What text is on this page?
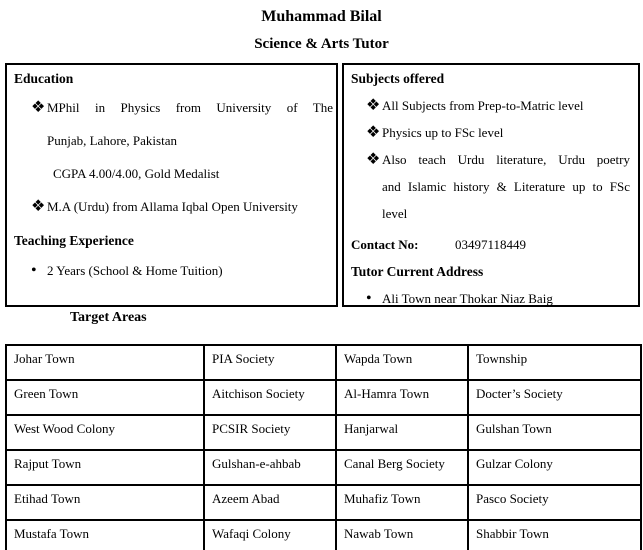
Muhammad Bilal
Science & Arts Tutor
Education
❖ MPhil in Physics from University of The
Punjab, Lahore, Pakistan
CGPA 4.00/4.00, Gold Medalist
❖ M.A (Urdu) from Allama Iqbal Open University
Teaching Experience
• 2 Years (School & Home Tuition)
Subjects offered
❖ All Subjects from Prep-to-Matric level
❖ Physics up to FSc level
❖ Also teach Urdu literature, Urdu poetry
and Islamic history & Literature up to FSc
level
Contact No:	03497118449
Tutor Current Address
• Ali Town near Thokar Niaz Baig
Target Areas
Johar Town	PIA Society	Wapda Town	Township
Green Town	Aitchison Society	Al-Hamra Town	Docter’s Society
West Wood Colony	PCSIR Society	Hanjarwal	Gulshan Town
Rajput Town	Gulshan-e-ahbab	Canal Berg Society	Gulzar Colony
Etihad Town	Azeem Abad	Muhafiz Town	Pasco Society
Mustafa Town	Wafaqi Colony	Nawab Town	Shabbir Town
